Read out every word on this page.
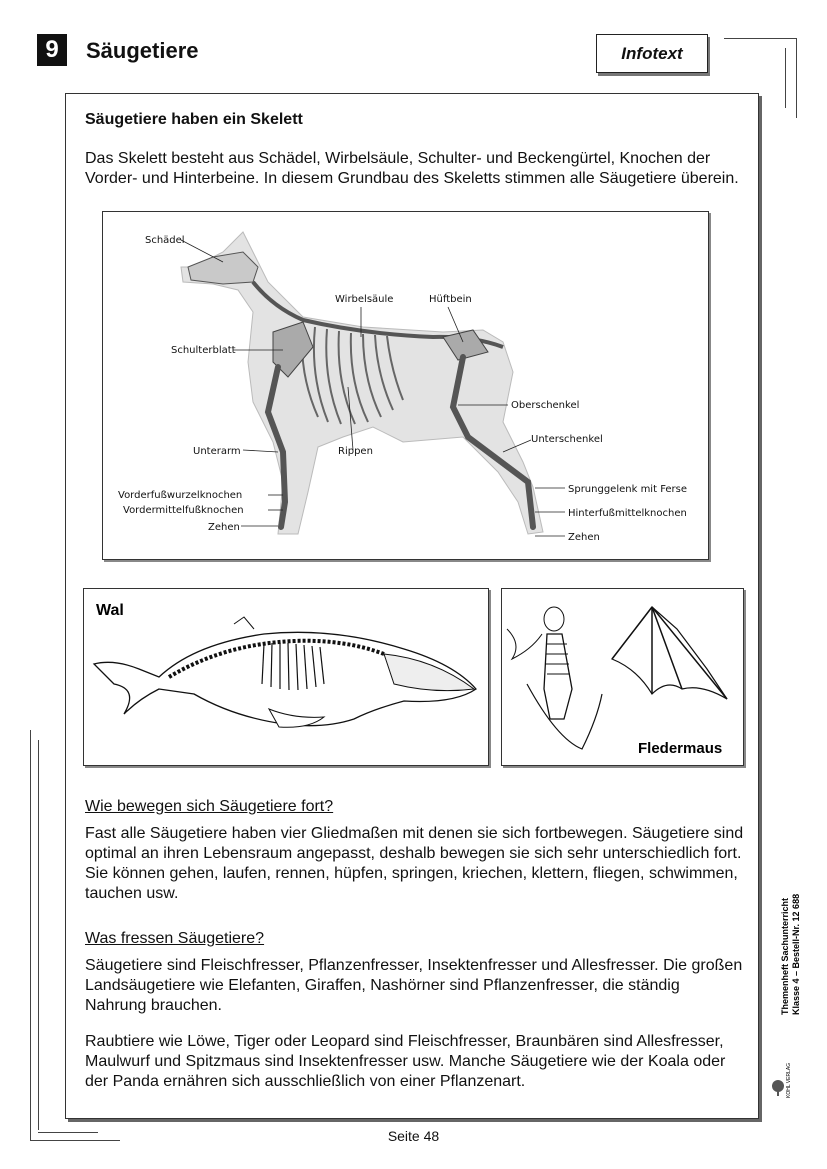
9	Säugetiere	Infotext
Säugetiere haben ein Skelett
Das Skelett besteht aus Schädel, Wirbelsäule, Schulter- und Beckengürtel, Knochen der Vorder- und Hinterbeine. In diesem Grundbau des Skeletts stimmen alle Säugetiere überein.
Schädel
Wirbelsäule	Hüftbein
Schulterblatt
Oberschenkel
Unterschenkel
Unterarm	Rippen
Vorderfußwurzelknochen
Vordermittelfußknochen
Zehen
Sprunggelenk mit Ferse
Hinterfußmittelknochen
Zehen
Wal
Fledermaus
Wie bewegen sich Säugetiere fort?
Fast alle Säugetiere haben vier Gliedmaßen mit denen sie sich fortbewegen. Säugetiere sind optimal an ihren Lebensraum angepasst, deshalb bewegen sie sich sehr unterschiedlich fort. Sie können gehen, laufen, rennen, hüpfen, springen, kriechen, klettern, fliegen, schwimmen, tauchen usw.
Was fressen Säugetiere?
Säugetiere sind Fleischfresser, Pflanzenfresser, Insektenfresser und Allesfresser. Die großen Landsäugetiere wie Elefanten, Giraffen, Nashörner sind Pflanzenfresser, die ständig Nahrung brauchen.
Raubtiere wie Löwe, Tiger oder Leopard sind Fleischfresser, Braunbären sind Allesfresser, Maulwurf und Spitzmaus sind Insektenfresser usw. Manche Säugetiere wie der Koala oder der Panda ernähren sich ausschließlich von einer Pflanzenart.
Themenheft Sachunterricht Klasse 4 – Bestell-Nr. 12 688
KOHL VERLAG
Seite 48
